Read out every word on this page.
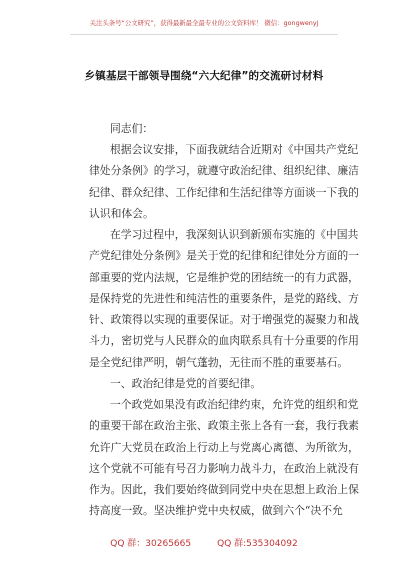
关注头条号“公文研究”，获得最新最全最专业的公文资料库！ 微信：gongwenyj
乡镇基层干部领导围绕“六大纪律”的交流研讨材料
同志们：
根据会议安排，下面我就结合近期对《中国共产党纪
律处分条例》的学习，就遵守政治纪律、组织纪律、廉洁
纪律、群众纪律、工作纪律和生活纪律等方面谈一下我的
认识和体会。
在学习过程中，我深刻认识到新颁布实施的《中国共
产党纪律处分条例》是关于党的纪律和纪律处分方面的一
部重要的党内法规，它是维护党的团结统一的有力武器，
是保持党的先进性和纯洁性的重要条件，是党的路线、方
针、政策得以实现的重要保证。对于增强党的凝聚力和战
斗力，密切党与人民群众的血肉联系具有十分重要的作用
是全党纪律严明，朝气蓬勃，无往而不胜的重要基石。
一、政治纪律是党的首要纪律。
一个政党如果没有政治纪律约束，允许党的组织和党
的重要干部在政治主张、政策主张上各有一套，我行我素
允许广大党员在政治上行动上与党离心离德、为所欲为，
这个党就不可能有号召力影响力战斗力，在政治上就没有
作为。因此，我们要始终做到同党中央在思想上政治上保
持高度一致。坚决维护党中央权威，做到六个“决不允
QQ 群：30265665	QQ 群:535304092
